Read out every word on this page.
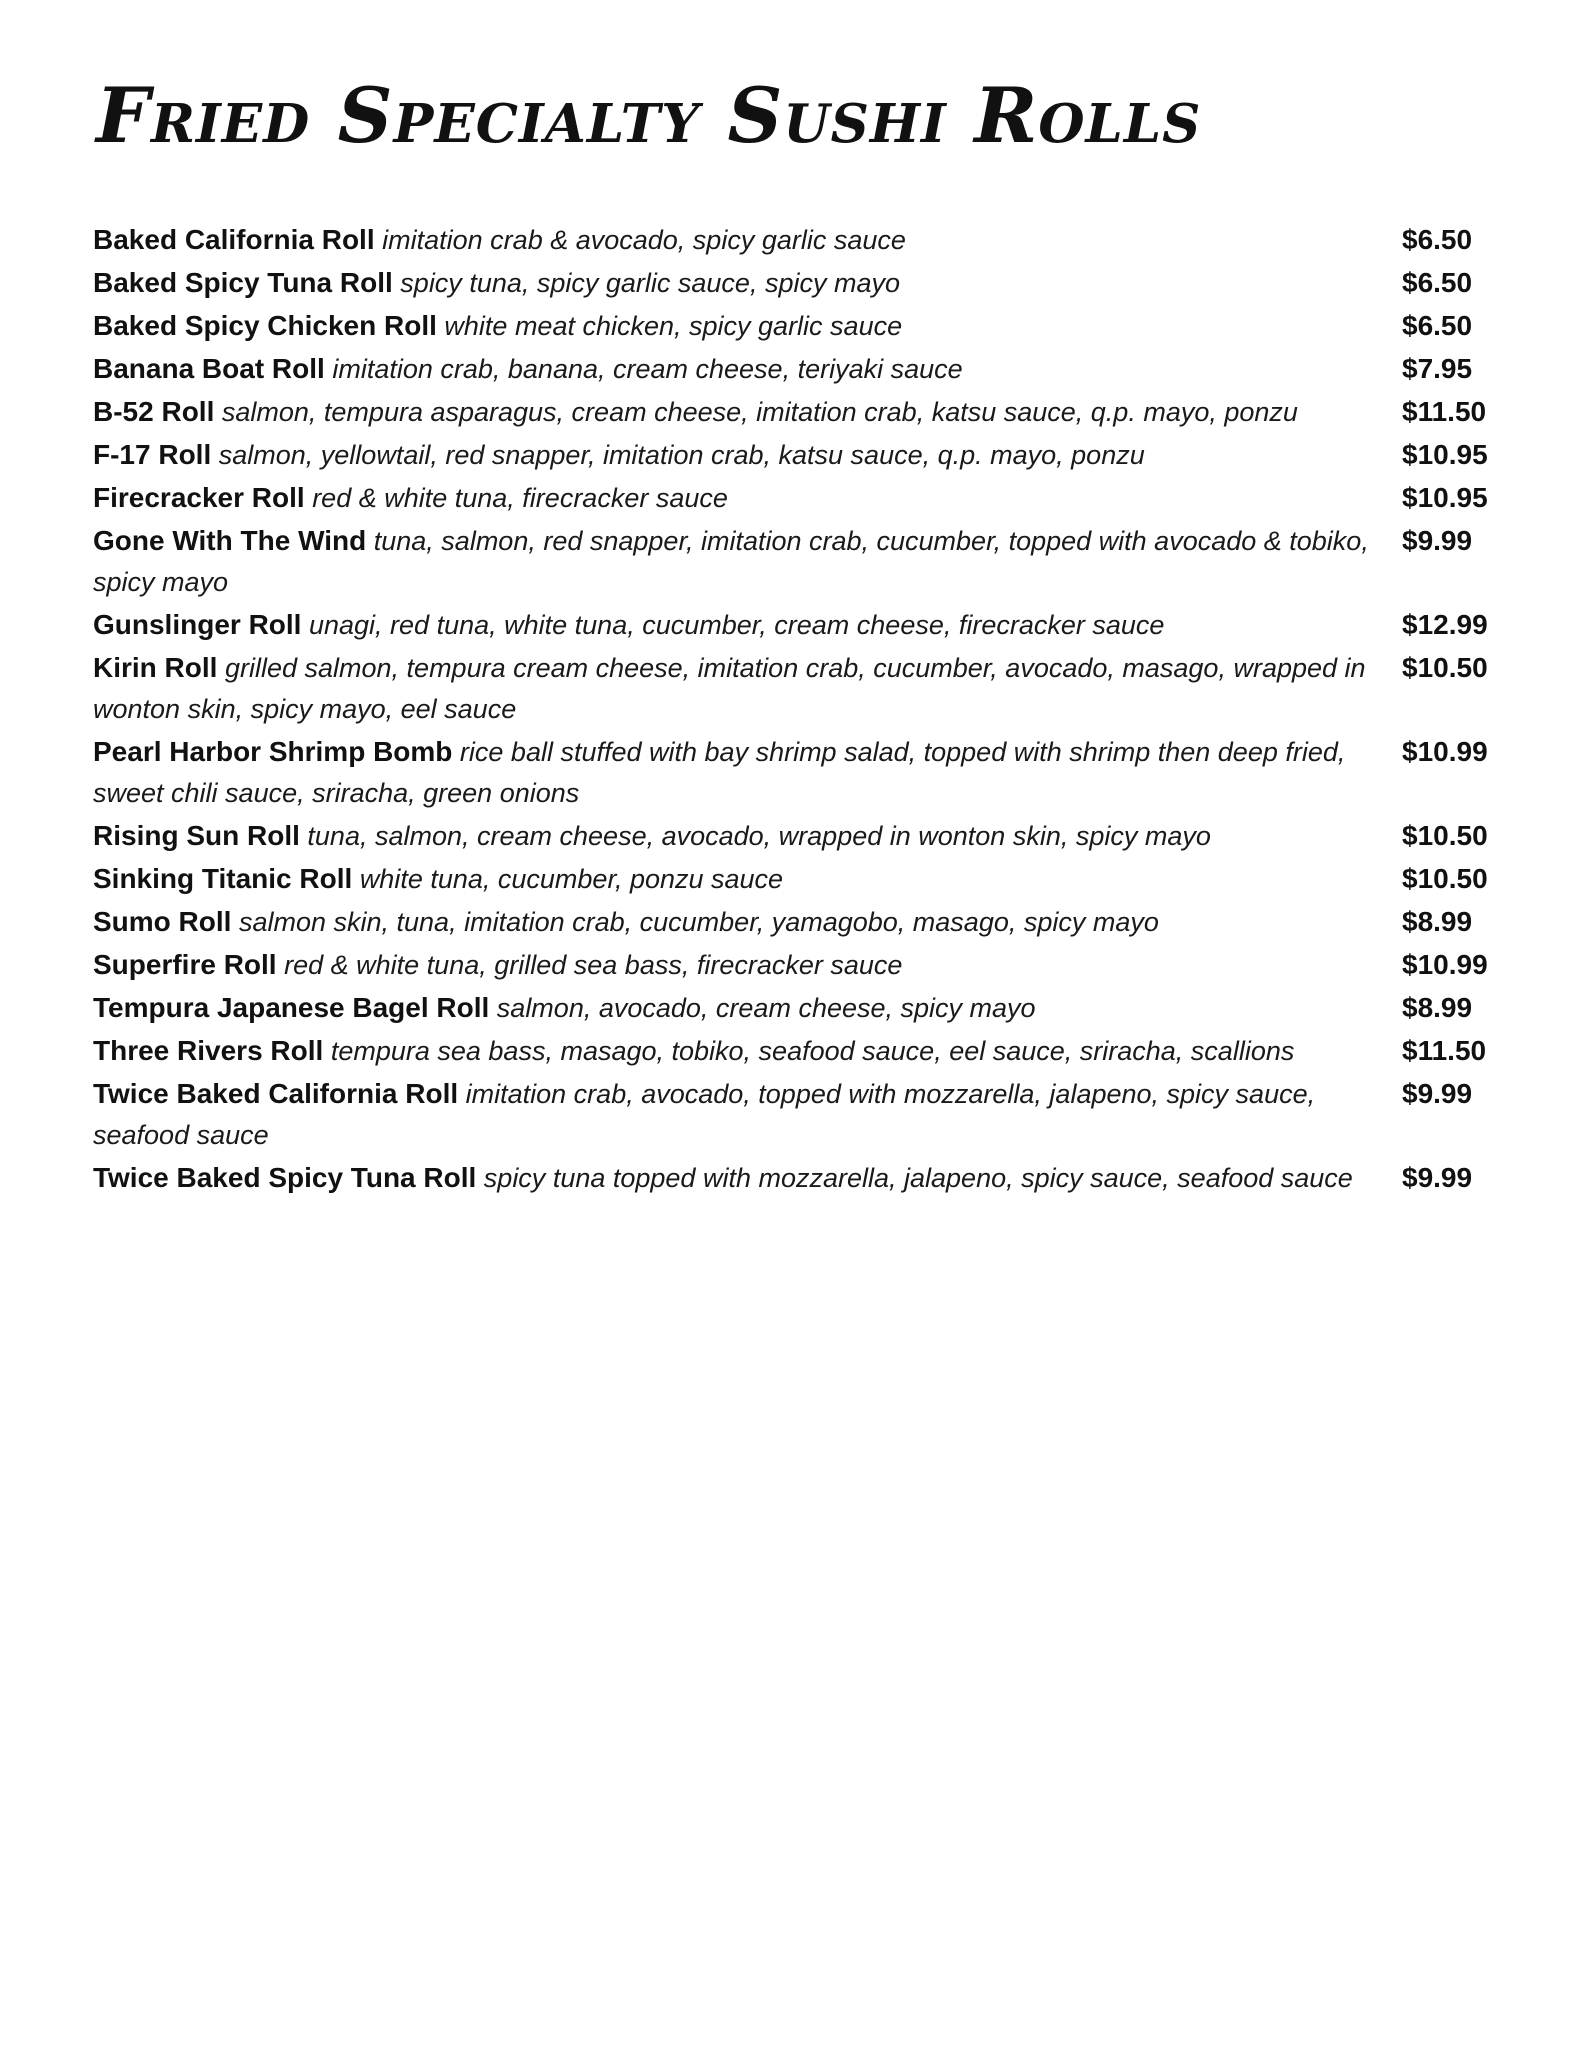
Fried Specialty Sushi Rolls
Baked California Roll imitation crab & avocado, spicy garlic sauce	$6.50
Baked Spicy Tuna Roll spicy tuna, spicy garlic sauce, spicy mayo	$6.50
Baked Spicy Chicken Roll white meat chicken, spicy garlic sauce	$6.50
Banana Boat Roll imitation crab, banana, cream cheese, teriyaki sauce	$7.95
B-52 Roll salmon, tempura asparagus, cream cheese, imitation crab, katsu sauce, q.p. mayo, ponzu	$11.50
F-17 Roll salmon, yellowtail, red snapper, imitation crab, katsu sauce, q.p. mayo, ponzu	$10.95
Firecracker Roll red & white tuna, firecracker sauce	$10.95
Gone With The Wind tuna, salmon, red snapper, imitation crab, cucumber, topped with avocado & tobiko, spicy mayo
$9.99
Gunslinger Roll unagi, red tuna, white tuna, cucumber, cream cheese, firecracker sauce	$12.99
Kirin Roll grilled salmon, tempura cream cheese, imitation crab, cucumber, avocado, masago, wrapped in wonton skin, spicy mayo, eel sauce
$10.50
Pearl Harbor Shrimp Bomb rice ball stuffed with bay shrimp salad, topped with shrimp then deep fried, sweet chili sauce, sriracha, green onions
$10.99
Rising Sun Roll tuna, salmon, cream cheese, avocado, wrapped in wonton skin, spicy mayo	$10.50
Sinking Titanic Roll white tuna, cucumber, ponzu sauce	$10.50
Sumo Roll salmon skin, tuna, imitation crab, cucumber, yamagobo, masago, spicy mayo	$8.99
Superfire Roll red & white tuna, grilled sea bass, firecracker sauce	$10.99
Tempura Japanese Bagel Roll salmon, avocado, cream cheese, spicy mayo	$8.99
Three Rivers Roll tempura sea bass, masago, tobiko, seafood sauce, eel sauce, sriracha, scallions	$11.50
Twice Baked California Roll imitation crab, avocado, topped with mozzarella, jalapeno, spicy sauce, seafood sauce
$9.99
Twice Baked Spicy Tuna Roll spicy tuna topped with mozzarella, jalapeno, spicy sauce, seafood sauce	$9.99
